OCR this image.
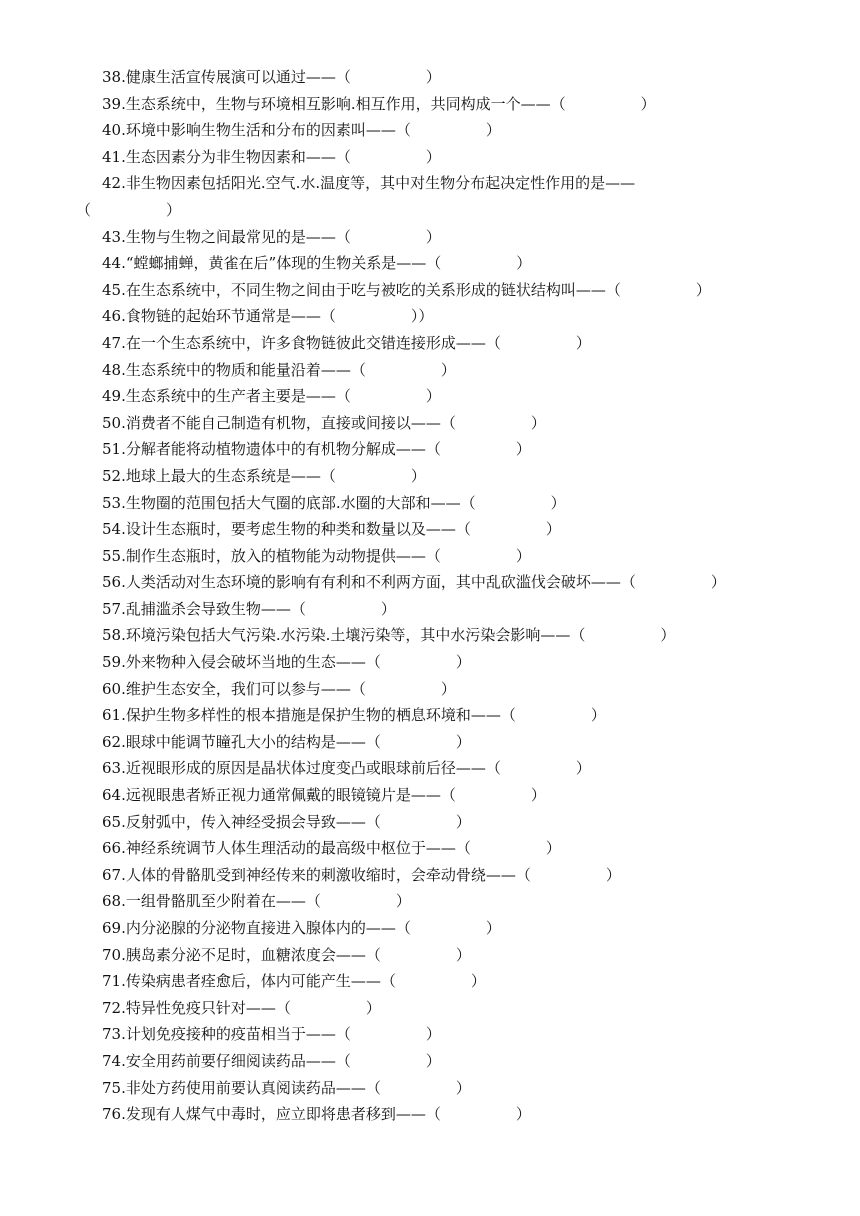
38.健康生活宣传展演可以通过——（　　　　　）
39.生态系统中，生物与环境相互影响.相互作用，共同构成一个——（　　　　　）
40.环境中影响生物生活和分布的因素叫——（　　　　　）
41.生态因素分为非生物因素和——（　　　　　）
42.非生物因素包括阳光.空气.水.温度等，其中对生物分布起决定性作用的是——
（　　　　　）
43.生物与生物之间最常见的是——（　　　　　）
44.“螳螂捕蝉，黄雀在后”体现的生物关系是——（　　　　　）
45.在生态系统中，不同生物之间由于吃与被吃的关系形成的链状结构叫——（　　　　　）
46.食物链的起始环节通常是——（　　　　　））
47.在一个生态系统中，许多食物链彼此交错连接形成——（　　　　　）
48.生态系统中的物质和能量沿着——（　　　　　）
49.生态系统中的生产者主要是——（　　　　　）
50.消费者不能自己制造有机物，直接或间接以——（　　　　　）
51.分解者能将动植物遗体中的有机物分解成——（　　　　　）
52.地球上最大的生态系统是——（　　　　　）
53.生物圈的范围包括大气圈的底部.水圈的大部和——（　　　　　）
54.设计生态瓶时，要考虑生物的种类和数量以及——（　　　　　）
55.制作生态瓶时，放入的植物能为动物提供——（　　　　　）
56.人类活动对生态环境的影响有有利和不利两方面，其中乱砍滥伐会破坏——（　　　　　）
57.乱捕滥杀会导致生物——（　　　　　）
58.环境污染包括大气污染.水污染.土壤污染等，其中水污染会影响——（　　　　　）
59.外来物种入侵会破坏当地的生态——（　　　　　）
60.维护生态安全，我们可以参与——（　　　　　）
61.保护生物多样性的根本措施是保护生物的栖息环境和——（　　　　　）
62.眼球中能调节瞳孔大小的结构是——（　　　　　）
63.近视眼形成的原因是晶状体过度变凸或眼球前后径——（　　　　　）
64.远视眼患者矫正视力通常佩戴的眼镜镜片是——（　　　　　）
65.反射弧中，传入神经受损会导致——（　　　　　）
66.神经系统调节人体生理活动的最高级中枢位于——（　　　　　）
67.人体的骨骼肌受到神经传来的刺激收缩时，会牵动骨绕——（　　　　　）
68.一组骨骼肌至少附着在——（　　　　　）
69.内分泌腺的分泌物直接进入腺体内的——（　　　　　）
70.胰岛素分泌不足时，血糖浓度会——（　　　　　）
71.传染病患者痊愈后，体内可能产生——（　　　　　）
72.特异性免疫只针对——（　　　　　）
73.计划免疫接种的疫苗相当于——（　　　　　）
74.安全用药前要仔细阅读药品——（　　　　　）
75.非处方药使用前要认真阅读药品——（　　　　　）
76.发现有人煤气中毒时，应立即将患者移到——（　　　　　）
